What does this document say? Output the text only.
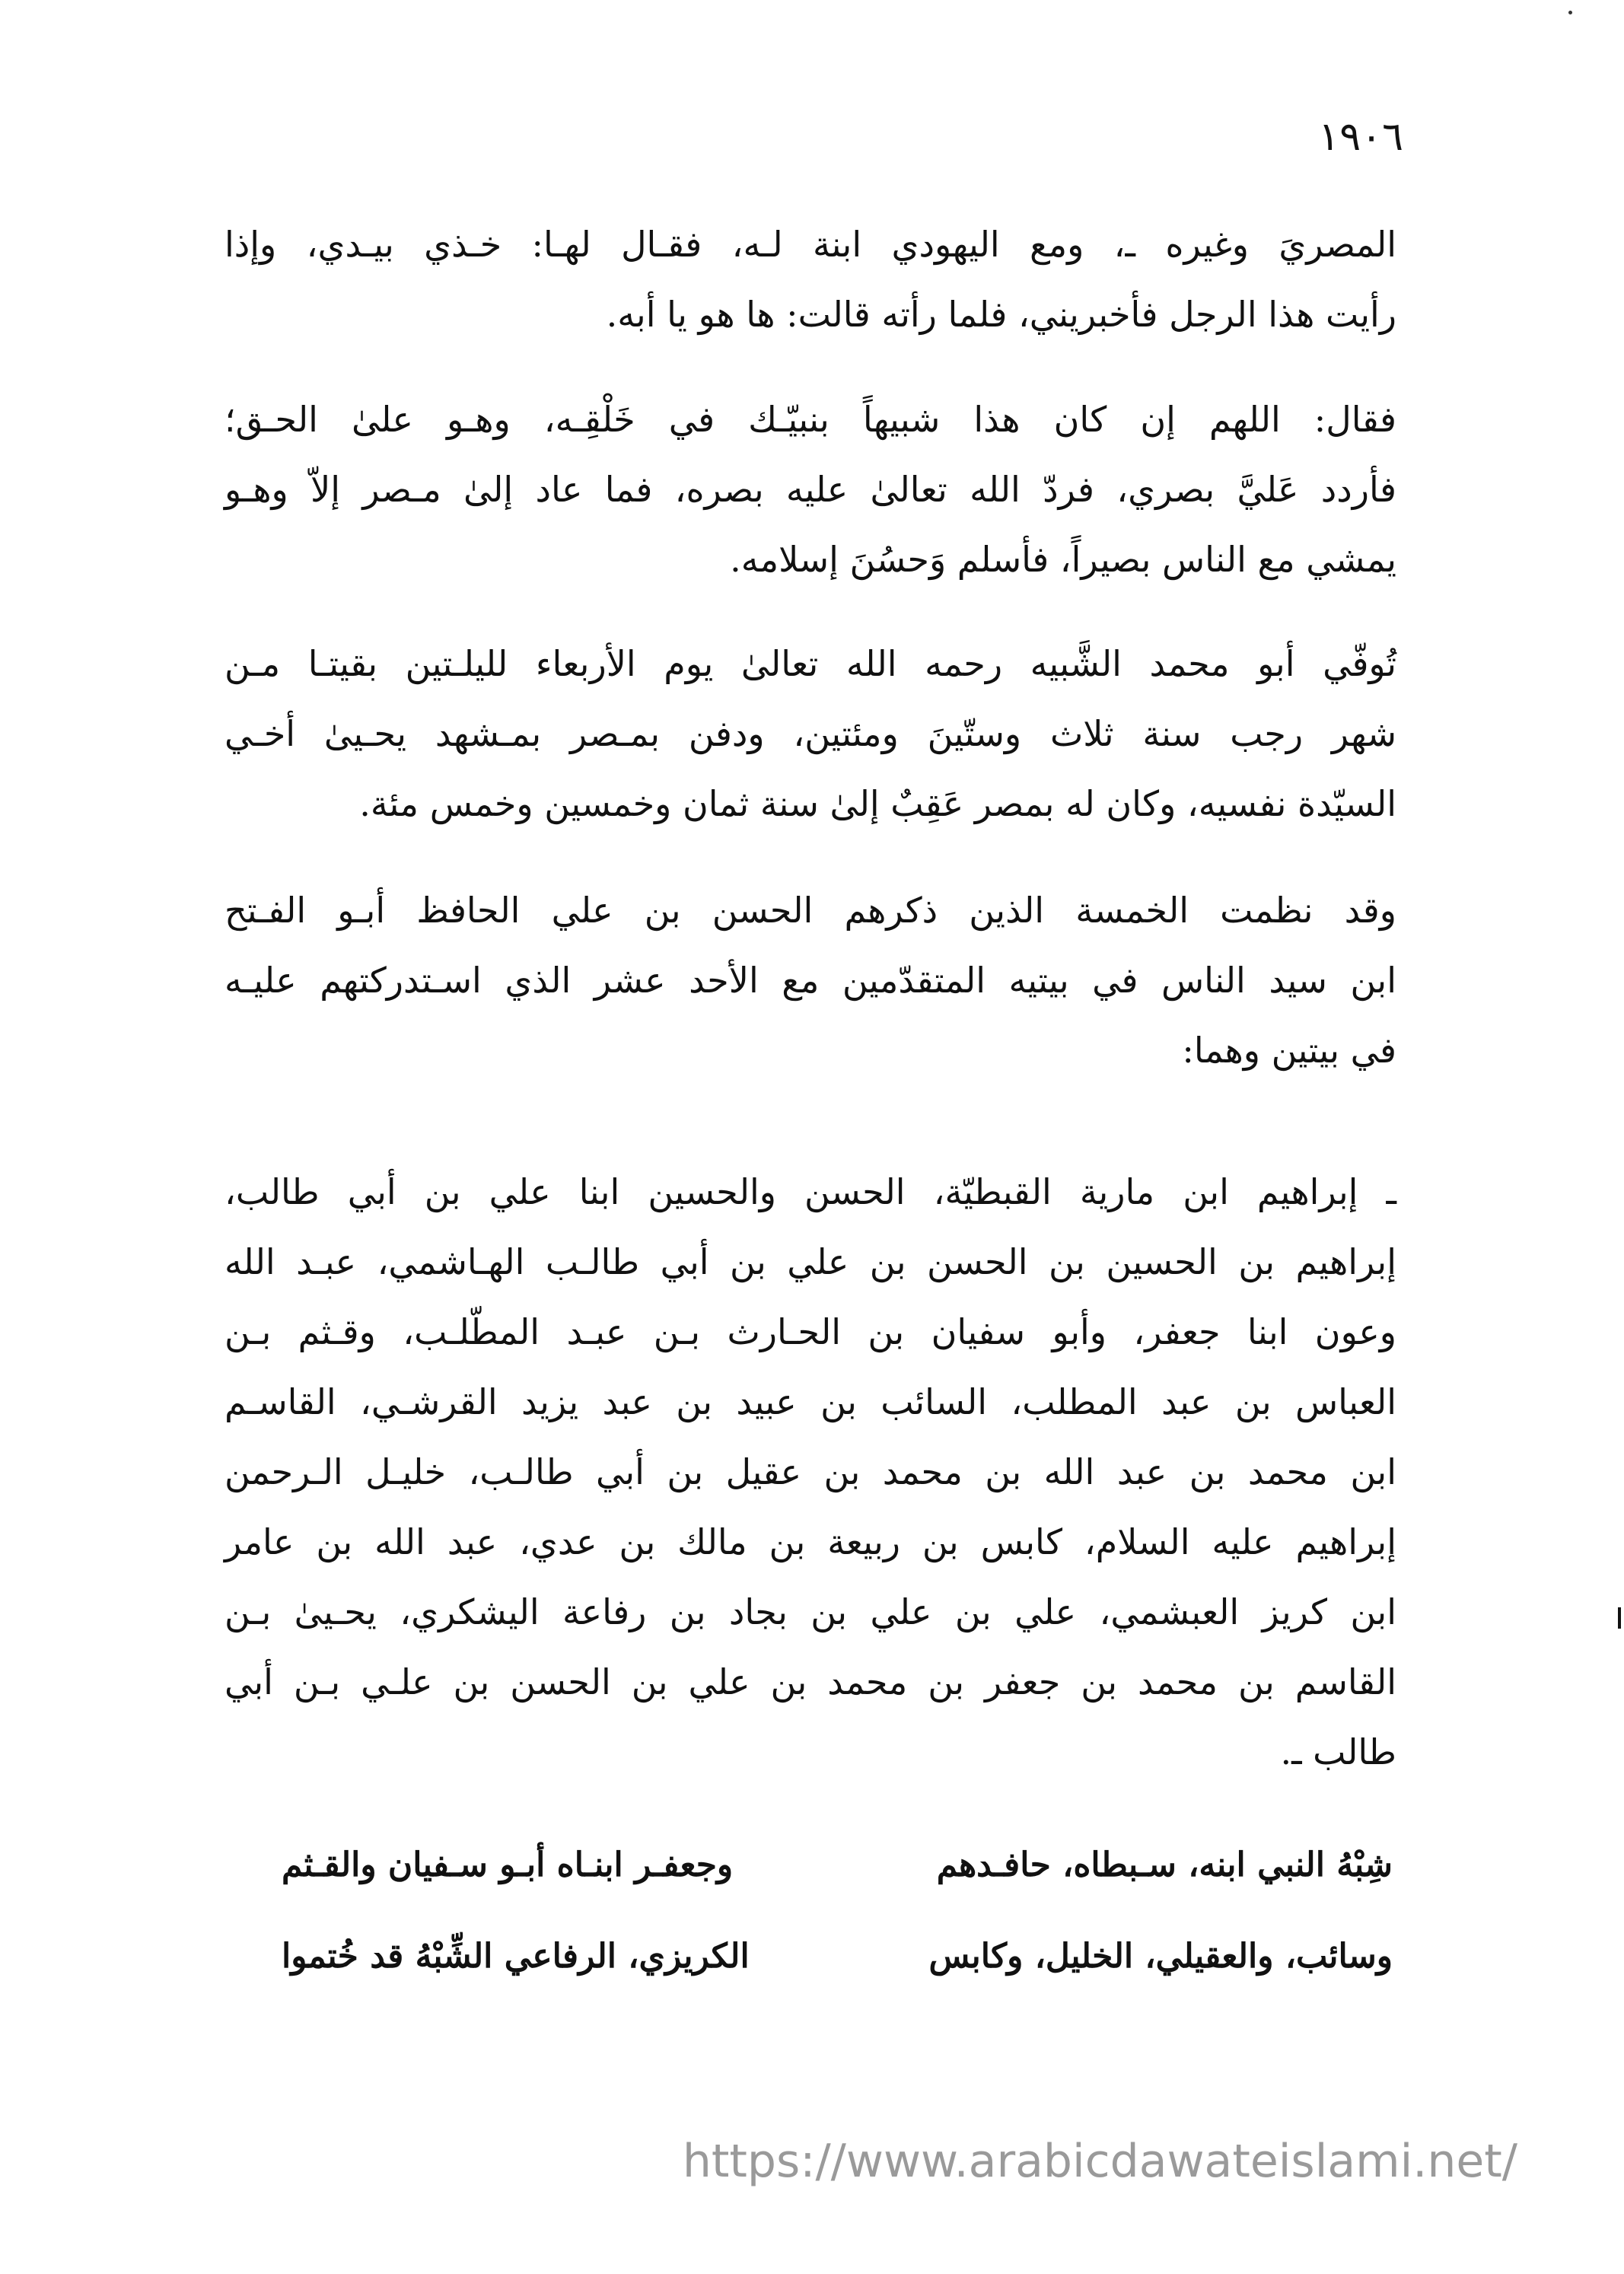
١٩٠٦
المصريَ وغيره ـ، ومع اليهودي ابنة لـه، فقـال لهـا: خـذي بيـدي، وإذا
رأيت هذا الرجل فأخبريني، فلما رأته قالت: ها هو يا أبه.
فقال: اللهم إن كان هذا شبيهاً بنبيّـك في خَلْقِـه، وهـو علىٰ الحـق؛
فأردد عَليَّ بصري، فردّ الله تعالىٰ عليه بصره، فما عاد إلىٰ مـصر إلاّ وهـو
يمشي مع الناس بصيراً، فأسلم وَحسُنَ إسلامه.
تُوفّي أبو محمد الشَّبيه رحمه الله تعالىٰ يوم الأربعاء لليلـتين بقيتـا مـن
شهر رجب سنة ثلاث وستّينَ ومئتين، ودفن بمـصر بمـشهد يحـيىٰ أخـي
السيّدة نفسيه، وكان له بمصر عَقِبٌ إلىٰ سنة ثمان وخمسين وخمس مئة.
وقد نظمت الخمسة الذين ذكرهم الحسن بن علي الحافظ أبـو الفـتح
ابن سيد الناس في بيتيه المتقدّمين مع الأحد عشر الذي اسـتدركتهم عليـه
في بيتين وهما:
ـ إبراهيم ابن مارية القبطيّة، الحسن والحسين ابنا علي بن أبي طالب،
إبراهيم بن الحسين بن الحسن بن علي بن أبي طالـب الهـاشمي، عبـد الله
وعون ابنا جعفر، وأبو سفيان بن الحـارث بـن عبـد المطّلـب، وقـثم بـن
العباس بن عبد المطلب، السائب بن عبيد بن عبد يزيد القرشـي، القاسـم
ابن محمد بن عبد الله بن محمد بن عقيل بن أبي طالـب، خليـل الـرحمن
إبراهيم عليه السلام، كابس بن ربيعة بن مالك بن عدي، عبد الله بن عامر
ابن كريز العبشمي، علي بن علي بن بجاد بن رفاعة اليشكري، يحـيىٰ بـن
القاسم بن محمد بن جعفر بن محمد بن علي بن الحسن بن علـي بـن أبي
طالب ـ.
شِبْهُ النبي ابنه، سـبطاه، حافـدهم
وجعفـر ابنـاه أبـو سـفيان والقـثم
وسائب، والعقيلي، الخليل، وكابس
الكريزي، الرفاعي الشِّبْهُ قد خُتموا
https://www.arabicdawateislami.net/
